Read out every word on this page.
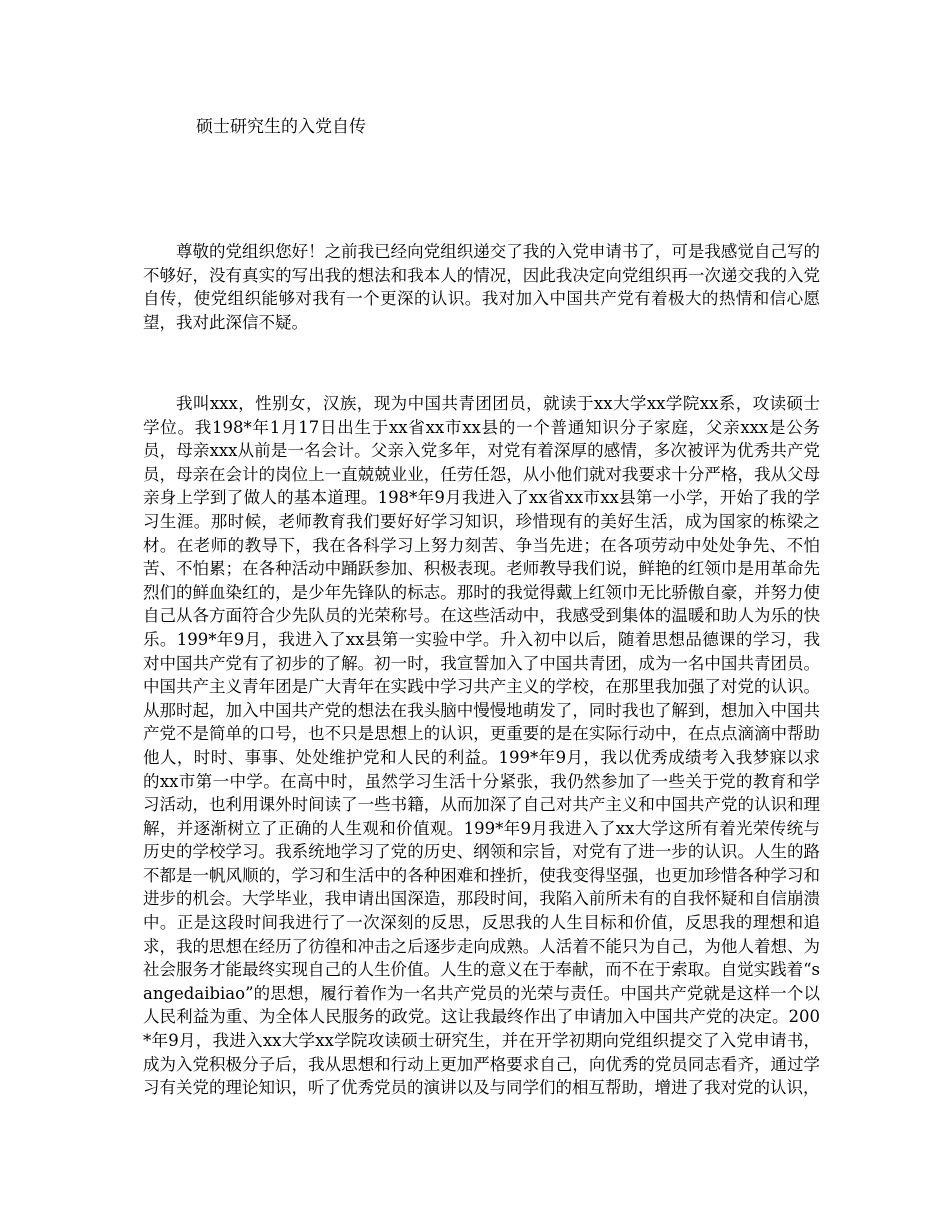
硕士研究生的入党自传

尊敬的党组织您好！之前我已经向党组织递交了我的入党申请书了，可是我感觉自己写的不够好，没有真实的写出我的想法和我本人的情况，因此我决定向党组织再一次递交我的入党自传，使党组织能够对我有一个更深的认识。我对加入中国共产党有着极大的热情和信心愿望，我对此深信不疑。

我叫xxx，性别女，汉族，现为中国共青团团员，就读于xx大学xx学院xx系，攻读硕士学位。我198*年1月17日出生于xx省xx市xx县的一个普通知识分子家庭，父亲xxx是公务员，母亲xxx从前是一名会计。父亲入党多年，对党有着深厚的感情，多次被评为优秀共产党员，母亲在会计的岗位上一直兢兢业业，任劳任怨，从小他们就对我要求十分严格，我从父母亲身上学到了做人的基本道理。198*年9月我进入了xx省xx市xx县第一小学，开始了我的学习生涯。那时候，老师教育我们要好好学习知识，珍惜现有的美好生活，成为国家的栋梁之材。在老师的教导下，我在各科学习上努力刻苦、争当先进；在各项劳动中处处争先、不怕苦、不怕累；在各种活动中踊跃参加、积极表现。老师教导我们说，鲜艳的红领巾是用革命先烈们的鲜血染红的，是少年先锋队的标志。那时的我觉得戴上红领巾无比骄傲自豪，并努力使自己从各方面符合少先队员的光荣称号。在这些活动中，我感受到集体的温暖和助人为乐的快乐。199*年9月，我进入了xx县第一实验中学。升入初中以后，随着思想品德课的学习，我对中国共产党有了初步的了解。初一时，我宣誓加入了中国共青团，成为一名中国共青团员。中国共产主义青年团是广大青年在实践中学习共产主义的学校，在那里我加强了对党的认识。从那时起，加入中国共产党的想法在我头脑中慢慢地萌发了，同时我也了解到，想加入中国共产党不是简单的口号，也不只是思想上的认识，更重要的是在实际行动中，在点点滴滴中帮助他人，时时、事事、处处维护党和人民的利益。199*年9月，我以优秀成绩考入我梦寐以求的xx市第一中学。在高中时，虽然学习生活十分紧张，我仍然参加了一些关于党的教育和学习活动，也利用课外时间读了一些书籍，从而加深了自己对共产主义和中国共产党的认识和理解，并逐渐树立了正确的人生观和价值观。199*年9月我进入了xx大学这所有着光荣传统与历史的学校学习。我系统地学习了党的历史、纲领和宗旨，对党有了进一步的认识。人生的路不都是一帆风顺的，学习和生活中的各种困难和挫折，使我变得坚强，也更加珍惜各种学习和进步的机会。大学毕业，我申请出国深造，那段时间，我陷入前所未有的自我怀疑和自信崩溃中。正是这段时间我进行了一次深刻的反思，反思我的人生目标和价值，反思我的理想和追求，我的思想在经历了彷徨和冲击之后逐步走向成熟。人活着不能只为自己，为他人着想、为社会服务才能最终实现自己的人生价值。人生的意义在于奉献，而不在于索取。自觉实践着“sangedaibiao”的思想，履行着作为一名共产党员的光荣与责任。中国共产党就是这样一个以人民利益为重、为全体人民服务的政党。这让我最终作出了申请加入中国共产党的决定。200*年9月，我进入xx大学xx学院攻读硕士研究生，并在开学初期向党组织提交了入党申请书，成为入党积极分子后，我从思想和行动上更加严格要求自己，向优秀的党员同志看齐，通过学习有关党的理论知识，听了优秀党员的演讲以及与同学们的相互帮助，增进了我对党的认识，
